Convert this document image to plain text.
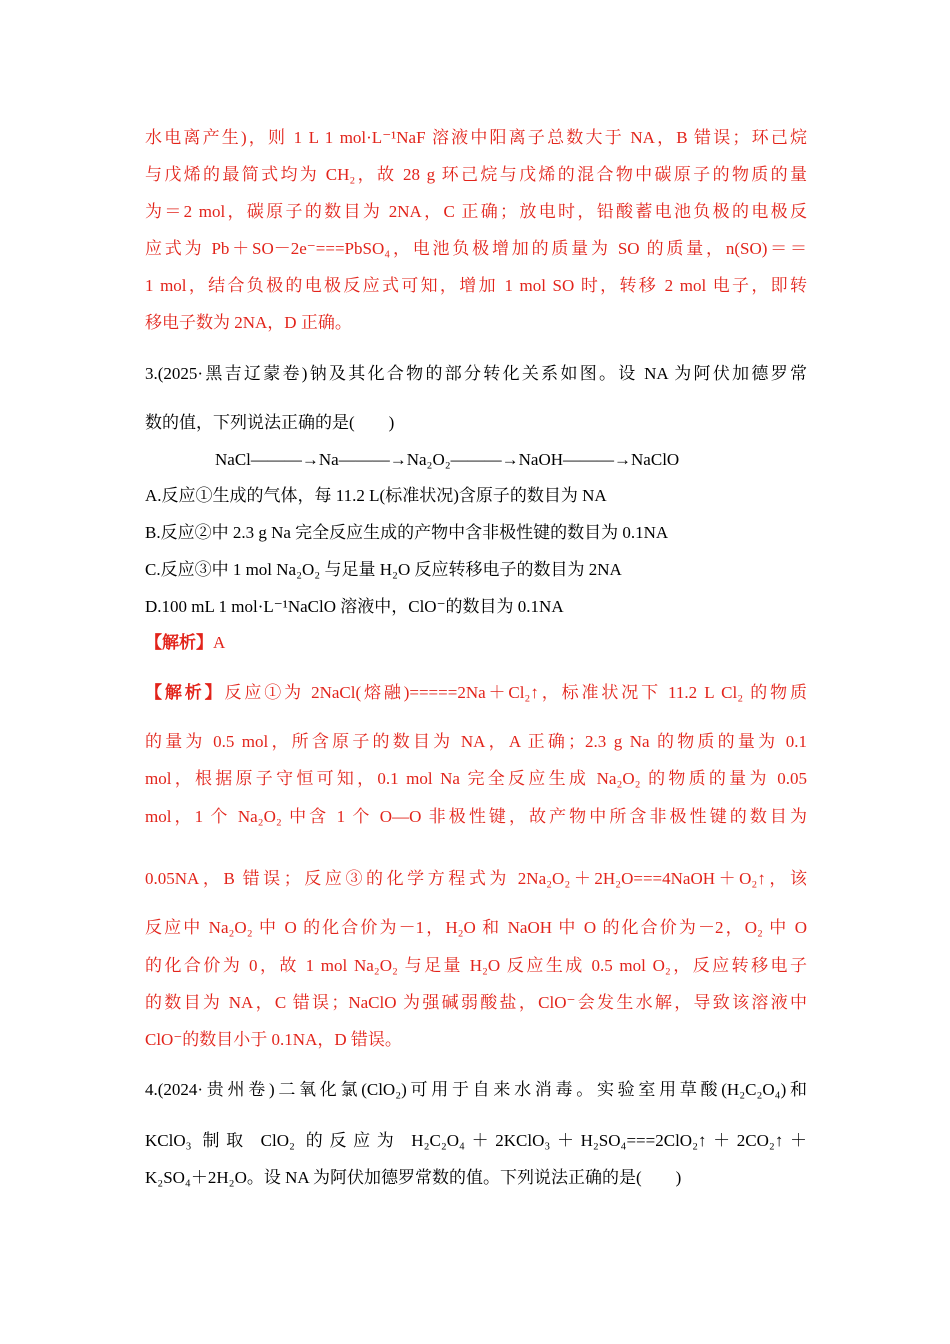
水电离产生)，则 1 L 1 mol·L⁻¹NaF 溶液中阳离子总数大于 NA，B 错误；环己烷
与戊烯的最简式均为 CH₂，故 28 g 环己烷与戊烯的混合物中碳原子的物质的量
为＝2 mol，碳原子的数目为 2NA，C 正确；放电时，铅酸蓄电池负极的电极反
应式为 Pb＋SO－2e⁻===PbSO₄，电池负极增加的质量为 SO 的质量，n(SO)＝＝
1 mol，结合负极的电极反应式可知，增加 1 mol SO 时，转移 2 mol 电子，即转
移电子数为 2NA，D 正确。
3.(2025·黑吉辽蒙卷)钠及其化合物的部分转化关系如图。设 NA 为阿伏加德罗常
数的值，下列说法正确的是(　　)
NaCl———→Na———→Na₂O₂———→NaOH———→NaClO
A.反应①生成的气体，每 11.2 L(标准状况)含原子的数目为 NA
B.反应②中 2.3 g Na 完全反应生成的产物中含非极性键的数目为 0.1NA
C.反应③中 1 mol Na₂O₂ 与足量 H₂O 反应转移电子的数目为 2NA
D.100 mL 1 mol·L⁻¹NaClO 溶液中，ClO⁻的数目为 0.1NA
【解析】A
【解析】反应①为 2NaCl(熔融)=====2Na＋Cl₂↑，标准状况下 11.2 L Cl₂ 的物质
的量为 0.5 mol，所含原子的数目为 NA，A 正确；2.3 g Na 的物质的量为 0.1
mol，根据原子守恒可知，0.1 mol Na 完全反应生成 Na₂O₂ 的物质的量为 0.05
mol，1 个 Na₂O₂ 中含 1 个 O—O 非极性键，故产物中所含非极性键的数目为
0.05NA，B 错误；反应③的化学方程式为 2Na₂O₂＋2H₂O===4NaOH＋O₂↑，该
反应中 Na₂O₂ 中 O 的化合价为－1，H₂O 和 NaOH 中 O 的化合价为－2，O₂ 中 O
的化合价为 0，故 1 mol Na₂O₂ 与足量 H₂O 反应生成 0.5 mol O₂，反应转移电子
的数目为 NA，C 错误；NaClO 为强碱弱酸盐，ClO⁻会发生水解，导致该溶液中
ClO⁻的数目小于 0.1NA，D 错误。
4.(2024·贵州卷)二氧化氯(ClO₂)可用于自来水消毒。实验室用草酸(H₂C₂O₄)和
KClO₃ 制取 ClO₂ 的反应为 H₂C₂O₄＋2KClO₃＋H₂SO₄===2ClO₂↑＋2CO₂↑＋
K₂SO₄＋2H₂O。设 NA 为阿伏加德罗常数的值。下列说法正确的是(　　)
